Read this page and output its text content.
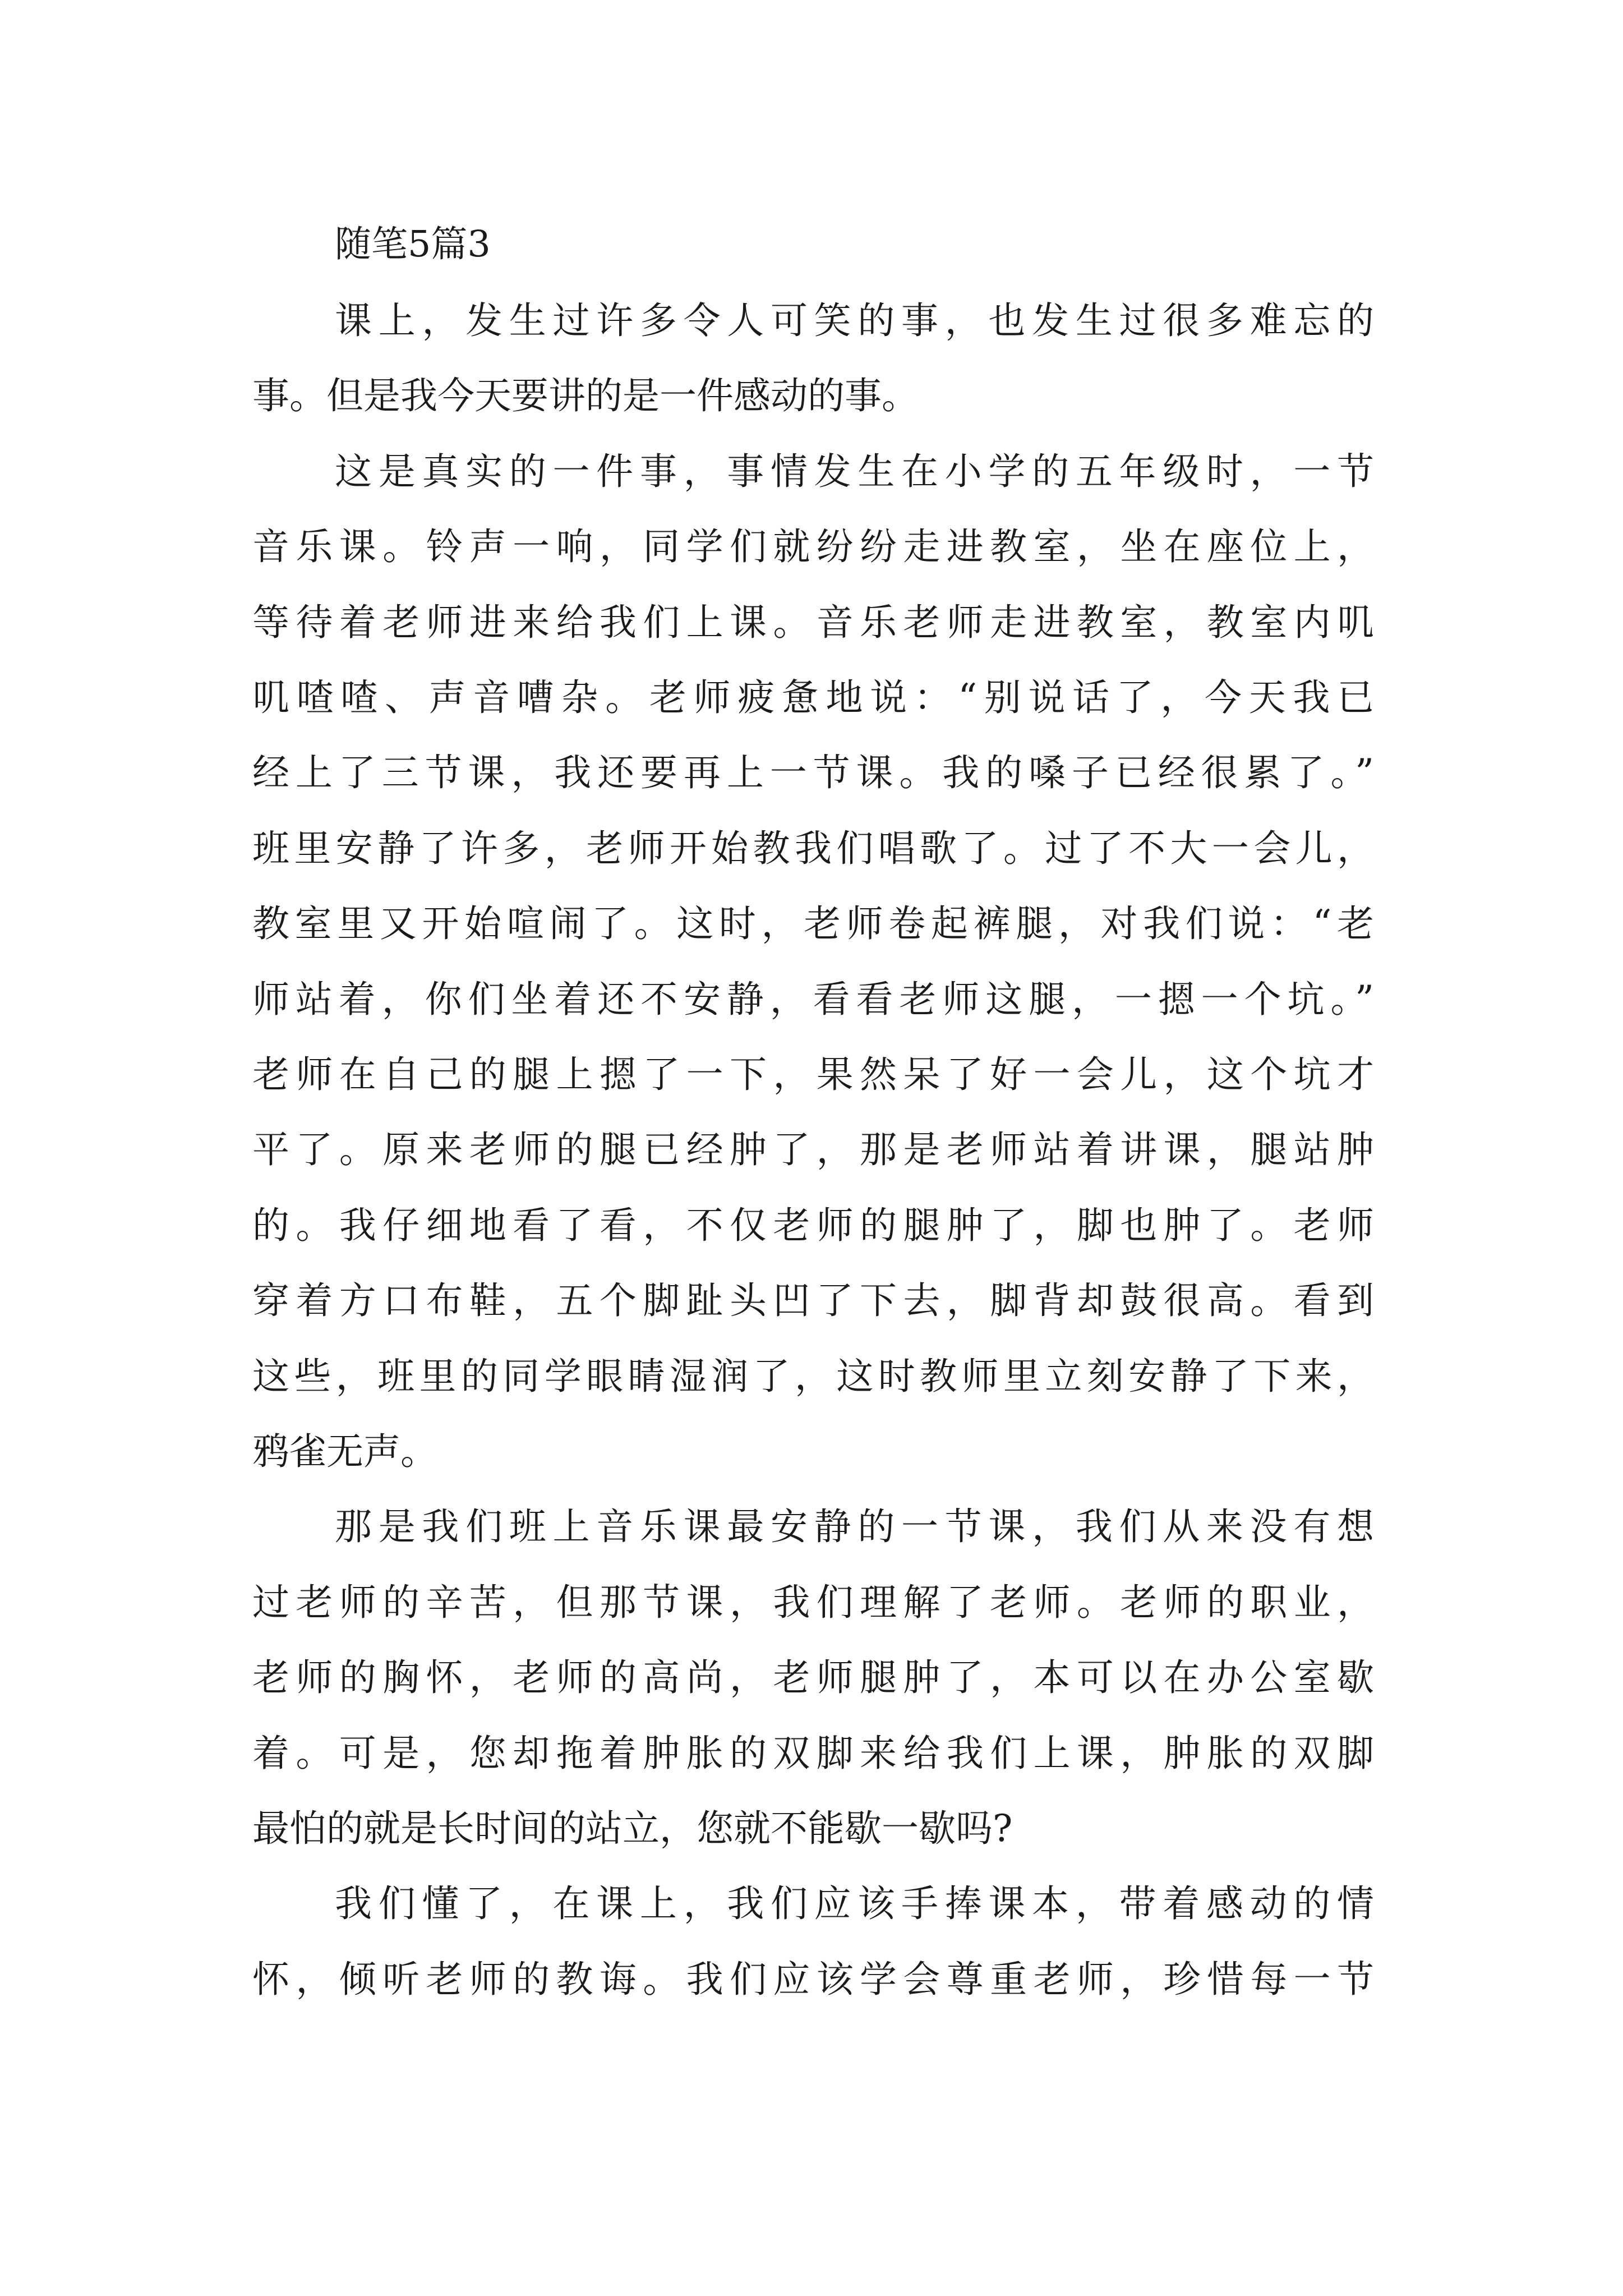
随笔5篇3
课上，发生过许多令人可笑的事，也发生过很多难忘的
事。但是我今天要讲的是一件感动的事。
这是真实的一件事，事情发生在小学的五年级时，一节
音乐课。铃声一响，同学们就纷纷走进教室，坐在座位上，
等待着老师进来给我们上课。音乐老师走进教室，教室内叽
叽喳喳、声音嘈杂。老师疲惫地说：“别说话了，今天我已
经上了三节课，我还要再上一节课。我的嗓子已经很累了。”
班里安静了许多，老师开始教我们唱歌了。过了不大一会儿，
教室里又开始喧闹了。这时，老师卷起裤腿，对我们说：“老
师站着，你们坐着还不安静，看看老师这腿，一摁一个坑。”
老师在自己的腿上摁了一下，果然呆了好一会儿，这个坑才
平了。原来老师的腿已经肿了，那是老师站着讲课，腿站肿
的。我仔细地看了看，不仅老师的腿肿了，脚也肿了。老师
穿着方口布鞋，五个脚趾头凹了下去，脚背却鼓很高。看到
这些，班里的同学眼睛湿润了，这时教师里立刻安静了下来，
鸦雀无声。
那是我们班上音乐课最安静的一节课，我们从来没有想
过老师的辛苦，但那节课，我们理解了老师。老师的职业，
老师的胸怀，老师的高尚，老师腿肿了，本可以在办公室歇
着。可是，您却拖着肿胀的双脚来给我们上课，肿胀的双脚
最怕的就是长时间的站立，您就不能歇一歇吗?
我们懂了，在课上，我们应该手捧课本，带着感动的情
怀，倾听老师的教诲。我们应该学会尊重老师，珍惜每一节
